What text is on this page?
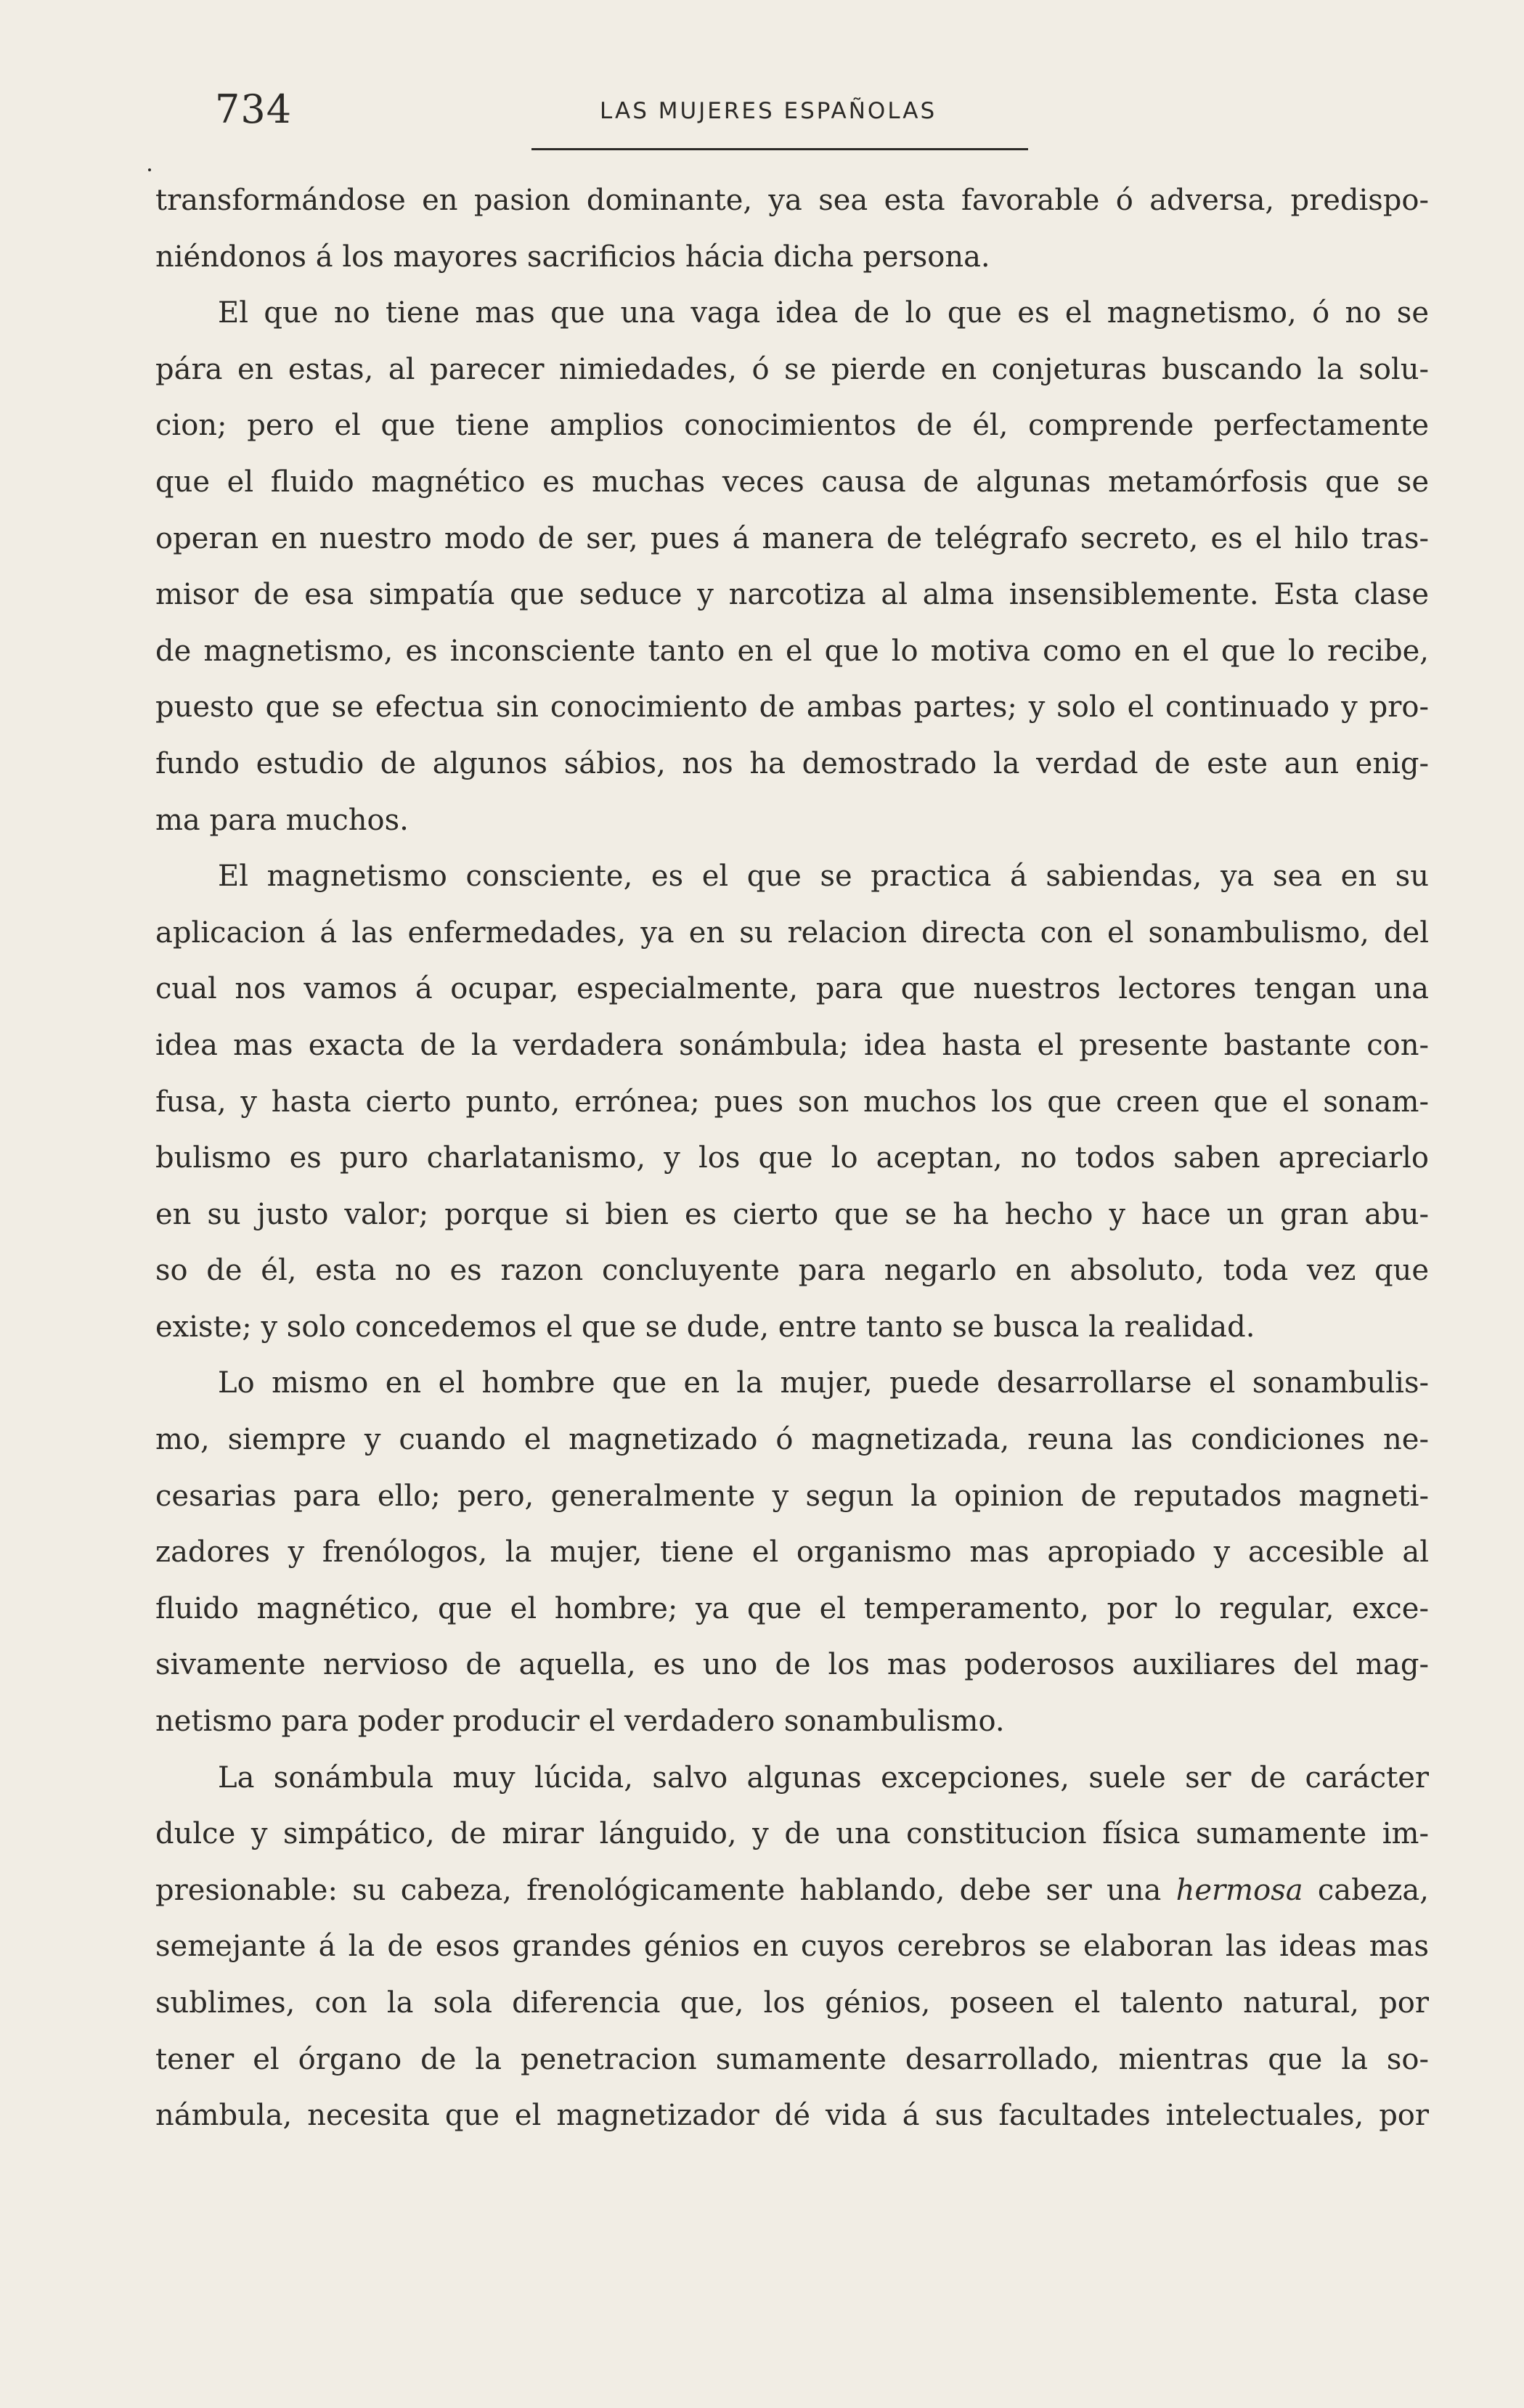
734	LAS MUJERES ESPAÑOLAS
transformándose en pasion dominante, ya sea esta favorable ó adversa, predispo-
niéndonos á los mayores sacrificios hácia dicha persona.
El que no tiene mas que una vaga idea de lo que es el magnetismo, ó no se
pára en estas, al parecer nimiedades, ó se pierde en conjeturas buscando la solu-
cion; pero el que tiene amplios conocimientos de él, comprende perfectamente
que el fluido magnético es muchas veces causa de algunas metamórfosis que se
operan en nuestro modo de ser, pues á manera de telégrafo secreto, es el hilo tras-
misor de esa simpatía que seduce y narcotiza al alma insensiblemente. Esta clase
de magnetismo, es inconsciente tanto en el que lo motiva como en el que lo recibe,
puesto que se efectua sin conocimiento de ambas partes; y solo el continuado y pro-
fundo estudio de algunos sábios, nos ha demostrado la verdad de este aun enig-
ma para muchos.
El magnetismo consciente, es el que se practica á sabiendas, ya sea en su
aplicacion á las enfermedades, ya en su relacion directa con el sonambulismo, del
cual nos vamos á ocupar, especialmente, para que nuestros lectores tengan una
idea mas exacta de la verdadera sonámbula; idea hasta el presente bastante con-
fusa, y hasta cierto punto, errónea; pues son muchos los que creen que el sonam-
bulismo es puro charlatanismo, y los que lo aceptan, no todos saben apreciarlo
en su justo valor; porque si bien es cierto que se ha hecho y hace un gran abu-
so de él, esta no es razon concluyente para negarlo en absoluto, toda vez que
existe; y solo concedemos el que se dude, entre tanto se busca la realidad.
Lo mismo en el hombre que en la mujer, puede desarrollarse el sonambulis-
mo, siempre y cuando el magnetizado ó magnetizada, reuna las condiciones ne-
cesarias para ello; pero, generalmente y segun la opinion de reputados magneti-
zadores y frenólogos, la mujer, tiene el organismo mas apropiado y accesible al
fluido magnético, que el hombre; ya que el temperamento, por lo regular, exce-
sivamente nervioso de aquella, es uno de los mas poderosos auxiliares del mag-
netismo para poder producir el verdadero sonambulismo.
La sonámbula muy lúcida, salvo algunas excepciones, suele ser de carácter
dulce y simpático, de mirar lánguido, y de una constitucion física sumamente im-
presionable: su cabeza, frenológicamente hablando, debe ser una hermosa cabeza,
semejante á la de esos grandes génios en cuyos cerebros se elaboran las ideas mas
sublimes, con la sola diferencia que, los génios, poseen el talento natural, por
tener el órgano de la penetracion sumamente desarrollado, mientras que la so-
námbula, necesita que el magnetizador dé vida á sus facultades intelectuales, por
